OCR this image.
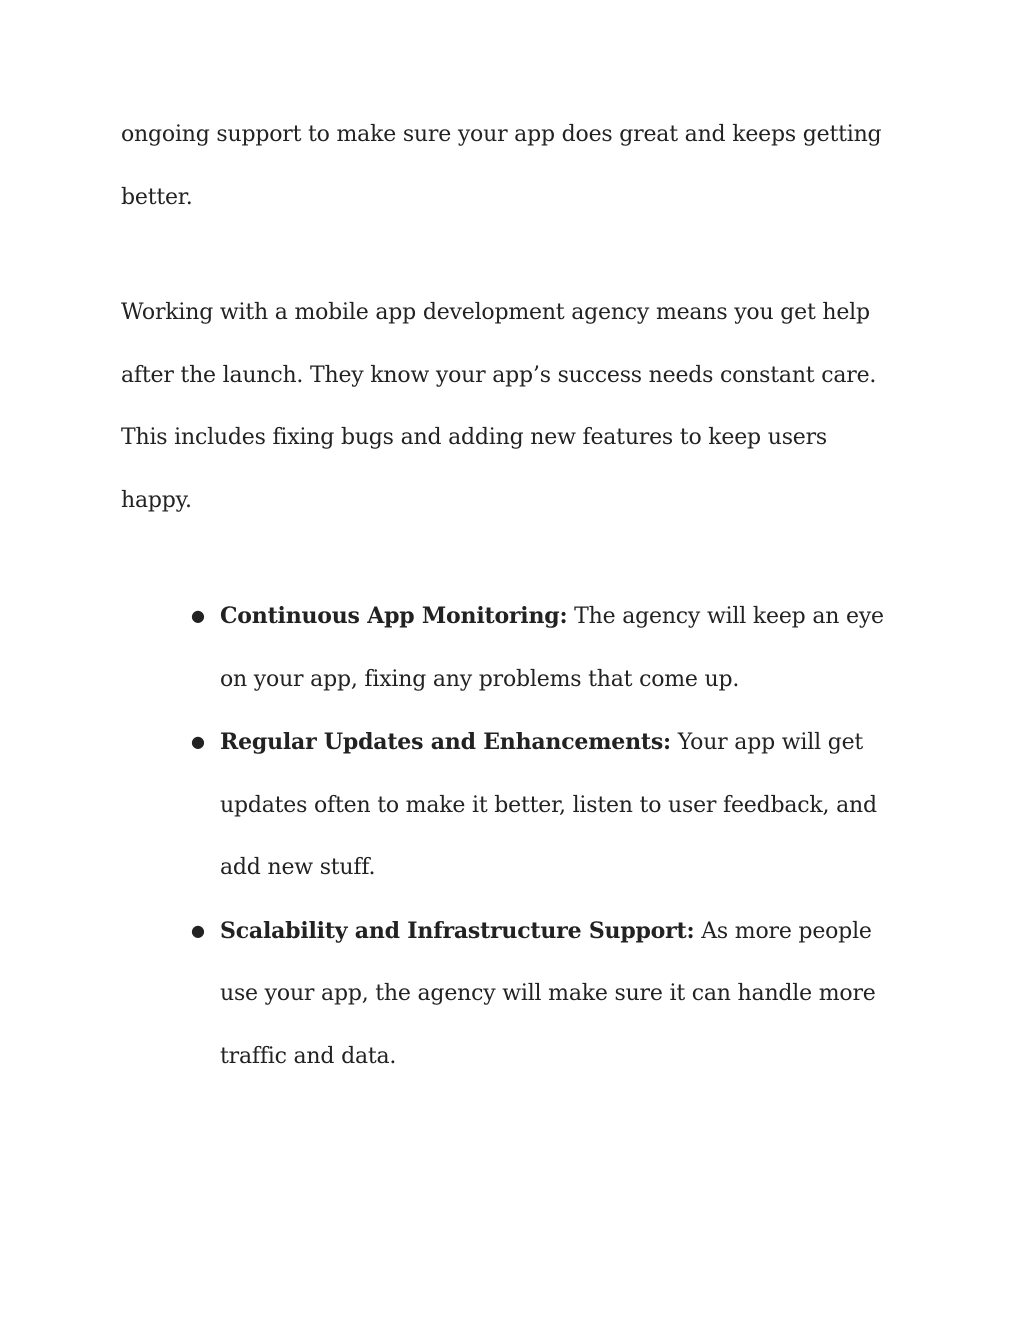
ongoing support to make sure your app does great and keeps getting
better.

Working with a mobile app development agency means you get help
after the launch. They know your app’s success needs constant care.
This includes fixing bugs and adding new features to keep users
happy.

● Continuous App Monitoring: The agency will keep an eye
on your app, fixing any problems that come up.
● Regular Updates and Enhancements: Your app will get
updates often to make it better, listen to user feedback, and
add new stuff.
● Scalability and Infrastructure Support: As more people
use your app, the agency will make sure it can handle more
traffic and data.
